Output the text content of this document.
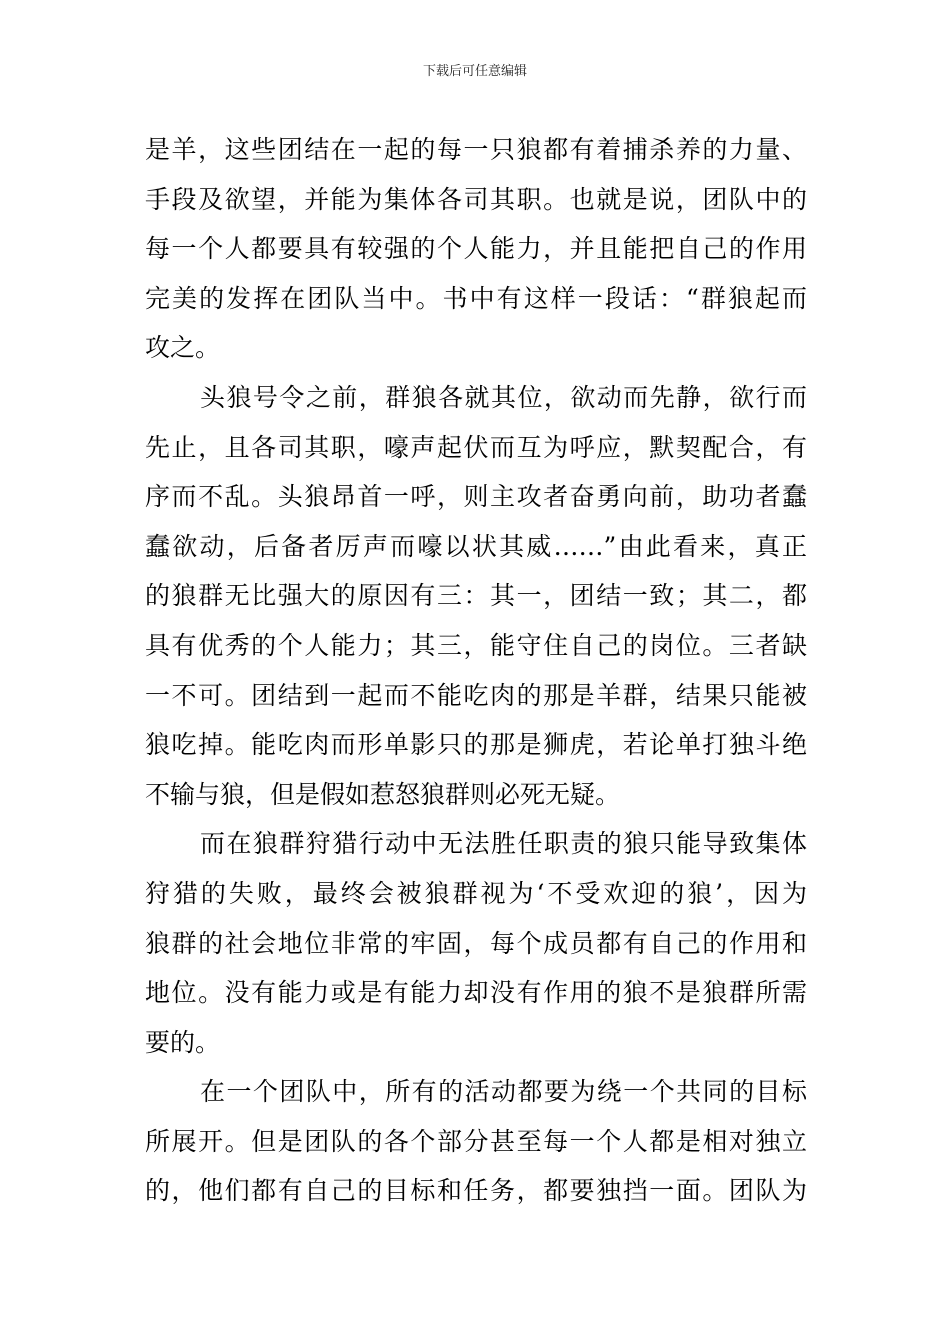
下载后可任意编辑
是羊，这些团结在一起的每一只狼都有着捕杀养的力量、
手段及欲望，并能为集体各司其职。也就是说，团队中的
每一个人都要具有较强的个人能力，并且能把自己的作用
完美的发挥在团队当中。书中有这样一段话：“群狼起而
攻之。
头狼号令之前，群狼各就其位，欲动而先静，欲行而
先止，且各司其职，嚎声起伏而互为呼应，默契配合，有
序而不乱。头狼昂首一呼，则主攻者奋勇向前，助功者蠢
蠢欲动，后备者厉声而嚎以状其威……”由此看来，真正
的狼群无比强大的原因有三：其一，团结一致；其二，都
具有优秀的个人能力；其三，能守住自己的岗位。三者缺
一不可。团结到一起而不能吃肉的那是羊群，结果只能被
狼吃掉。能吃肉而形单影只的那是狮虎，若论单打独斗绝
不输与狼，但是假如惹怒狼群则必死无疑。
而在狼群狩猎行动中无法胜任职责的狼只能导致集体
狩猎的失败，最终会被狼群视为‘不受欢迎的狼’，因为
狼群的社会地位非常的牢固，每个成员都有自己的作用和
地位。没有能力或是有能力却没有作用的狼不是狼群所需
要的。
在一个团队中，所有的活动都要为绕一个共同的目标
所展开。但是团队的各个部分甚至每一个人都是相对独立
的，他们都有自己的目标和任务，都要独挡一面。团队为
